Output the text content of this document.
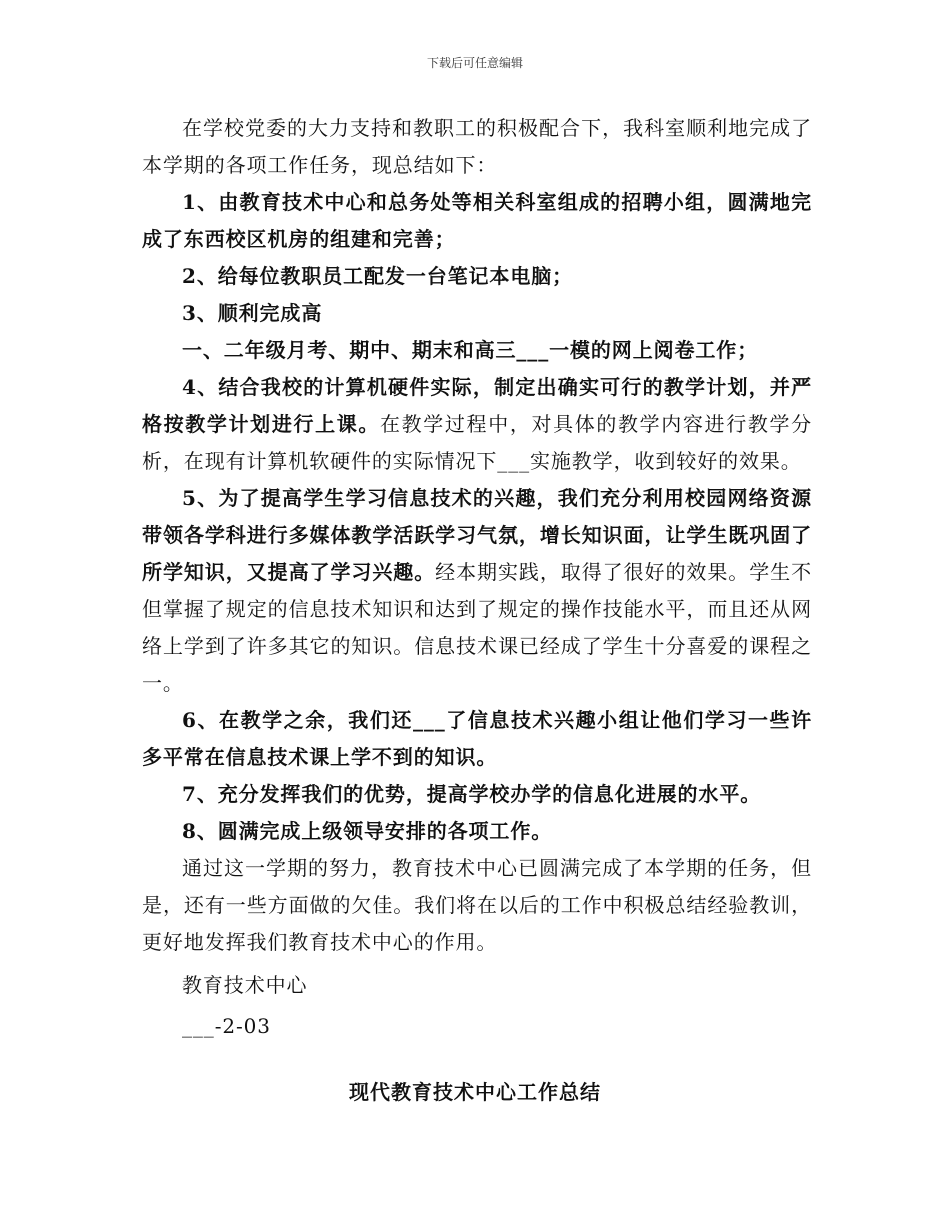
下载后可任意编辑

在学校党委的大力支持和教职工的积极配合下，我科室顺利地完成了本学期的各项工作任务，现总结如下：

1、由教育技术中心和总务处等相关科室组成的招聘小组，圆满地完成了东西校区机房的组建和完善；

2、给每位教职员工配发一台笔记本电脑；

3、顺利完成高

一、二年级月考、期中、期末和高三___一模的网上阅卷工作；

4、结合我校的计算机硬件实际，制定出确实可行的教学计划，并严格按教学计划进行上课。在教学过程中，对具体的教学内容进行教学分析，在现有计算机软硬件的实际情况下___实施教学，收到较好的效果。

5、为了提高学生学习信息技术的兴趣，我们充分利用校园网络资源带领各学科进行多媒体教学活跃学习气氛，增长知识面，让学生既巩固了所学知识，又提高了学习兴趣。经本期实践，取得了很好的效果。学生不但掌握了规定的信息技术知识和达到了规定的操作技能水平，而且还从网络上学到了许多其它的知识。信息技术课已经成了学生十分喜爱的课程之一。

6、在教学之余，我们还___了信息技术兴趣小组让他们学习一些许多平常在信息技术课上学不到的知识。

7、充分发挥我们的优势，提高学校办学的信息化进展的水平。

8、圆满完成上级领导安排的各项工作。

通过这一学期的努力，教育技术中心已圆满完成了本学期的任务，但是，还有一些方面做的欠佳。我们将在以后的工作中积极总结经验教训，更好地发挥我们教育技术中心的作用。

教育技术中心

___-2-03

现代教育技术中心工作总结
